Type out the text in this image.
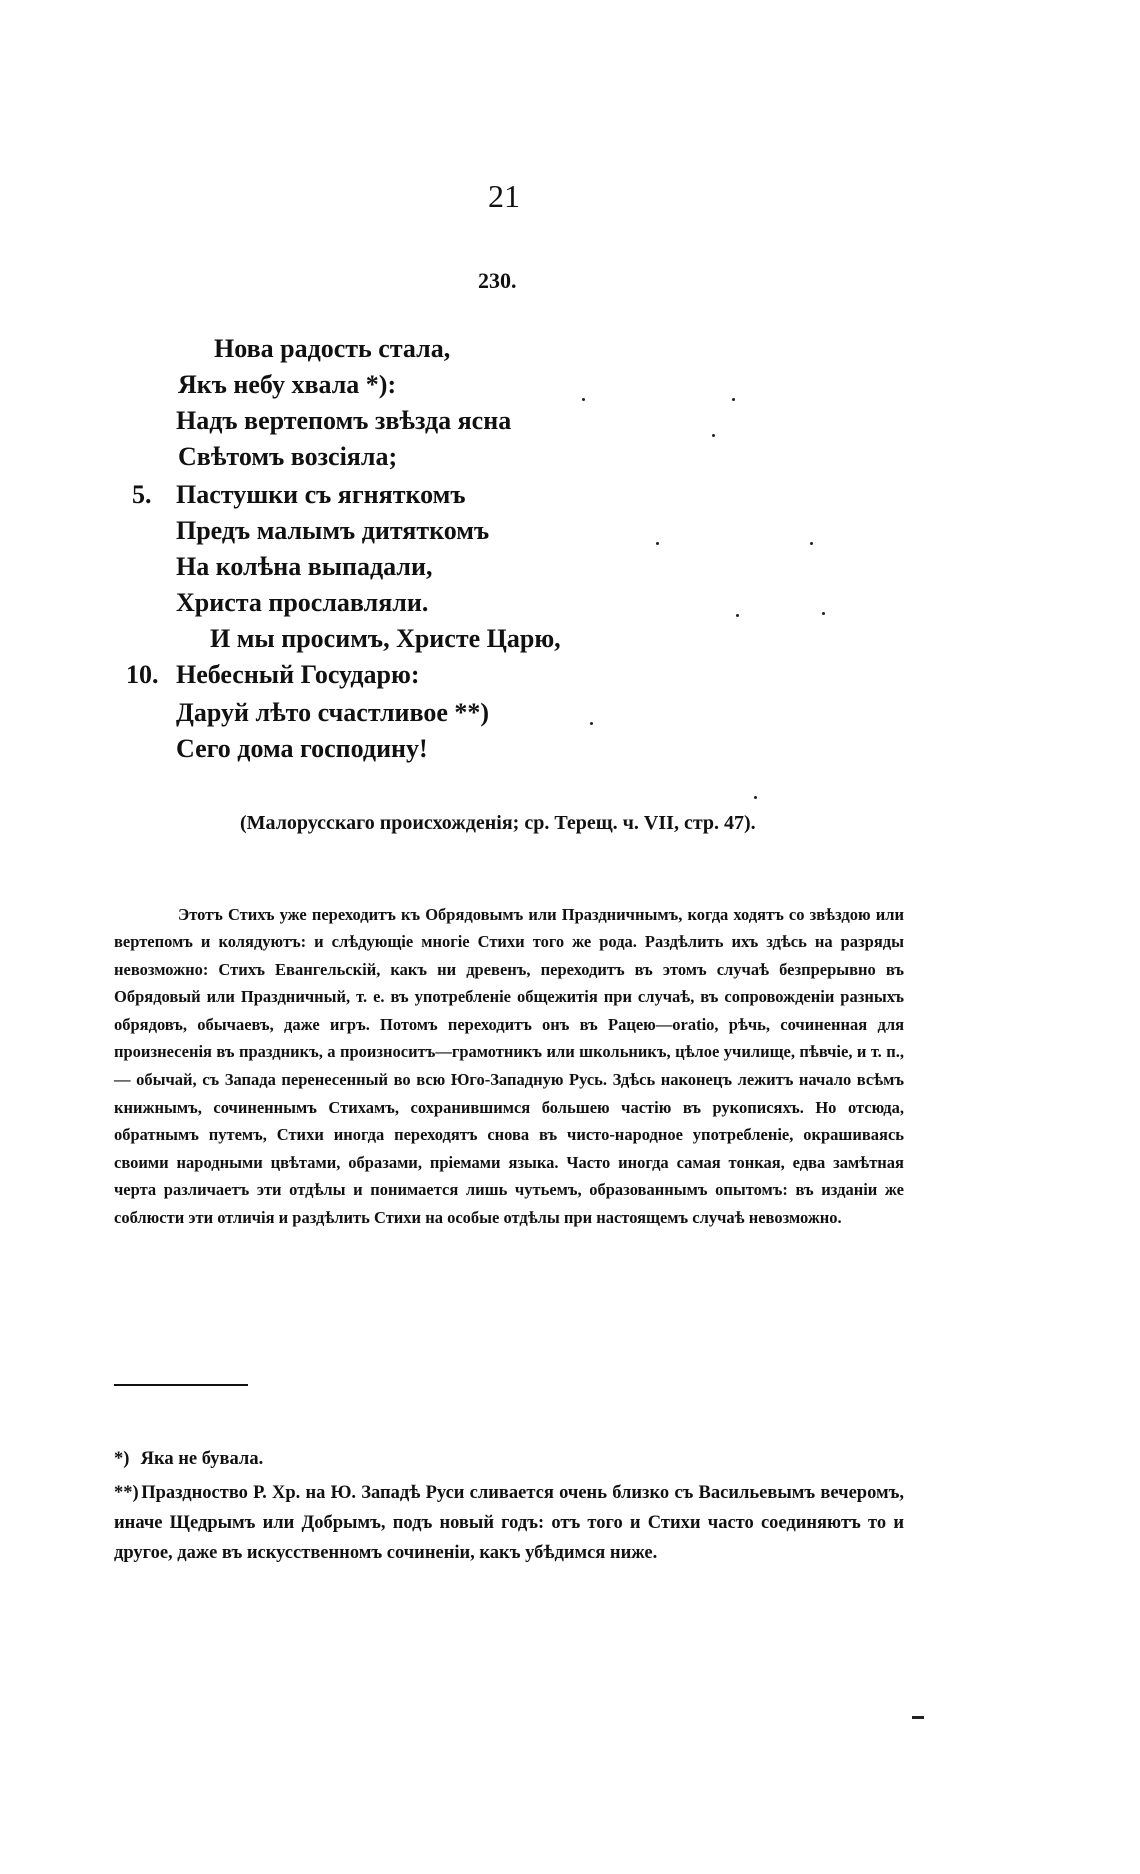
21
230.
Нова радость стала,
Якъ небу хвала *):
Надъ вертепомъ звѣзда ясна
Свѣтомъ возсіяла;
5. Пастушки съ ягняткомъ
Предъ малымъ дитяткомъ
На колѣна выпадали,
Христа прославляли.
И мы просимъ, Христе Царю,
10. Небесный Государю:
Даруй лѣто счастливое **)
Сего дома господину!
(Малорусскаго происхожденія; ср. Терещ. ч. VII, стр. 47).

Этотъ Стихъ уже переходитъ къ Обрядовымъ или Праздничнымъ, когда ходятъ со звѣздою или вертепомъ и колядуютъ: и слѣдующіе многіе Стихи того же рода. Раздѣлить ихъ здѣсь на разряды невозможно: Стихъ Евангельскій, какъ ни древенъ, переходитъ въ этомъ случаѣ безпрерывно въ Обрядовый или Праздничный, т. е. въ употребленіе общежитія при случаѣ, въ сопровожденіи разныхъ обрядовъ, обычаевъ, даже игръ. Потомъ переходитъ онъ въ Рацею—oratio, рѣчь, сочиненная для произнесенія въ праздникъ, а произноситъ—грамотникъ или школьникъ, цѣлое училище, пѣвчіе, и т. п., — обычай, съ Запада перенесенный во всю Юго-Западную Русь. Здѣсь наконецъ лежитъ начало всѣмъ книжнымъ, сочиненнымъ Стихамъ, сохранившимся большею частію въ рукописяхъ. Но отсюда, обратнымъ путемъ, Стихи иногда переходятъ снова въ чисто-народное употребленіе, окрашиваясь своими народными цвѣтами, образами, пріемами языка. Часто иногда самая тонкая, едва замѣтная черта различаетъ эти отдѣлы и понимается лишь чутьемъ, образованнымъ опытомъ: въ изданіи же соблюсти эти отличія и раздѣлить Стихи на особые отдѣлы при настоящемъ случаѣ невозможно.

*) Яка не бувала.
**) Праздноство Р. Хр. на Ю. Западѣ Руси сливается очень близко съ Васильевымъ вечеромъ, иначе Щедрымъ или Добрымъ, подъ новый годъ: отъ того и Стихи часто соединяютъ то и другое, даже въ искусственномъ сочиненіи, какъ убѣдимся ниже.
